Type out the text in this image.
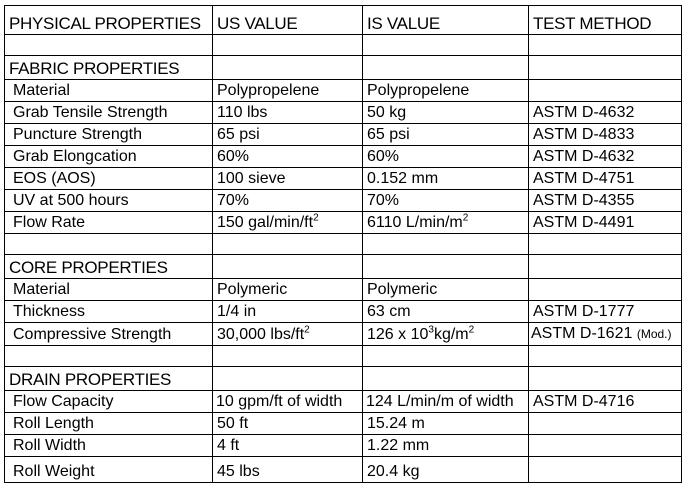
PHYSICAL PROPERTIES	US VALUE	IS VALUE	TEST METHOD

FABRIC PROPERTIES			
Material	Polypropelene	Polypropelene	
Grab Tensile Strength	110 lbs	50 kg	ASTM D-4632
Puncture Strength	65 psi	65 psi	ASTM D-4833
Grab Elongcation	60%	60%	ASTM D-4632
EOS (AOS)	100 sieve	0.152 mm	ASTM D-4751
UV at 500 hours	70%	70%	ASTM D-4355
Flow Rate	150 gal/$\min/ft^2$	6110 $L/\min/m^2$	ASTM D-4491

CORE PROPERTIES			
Material	Polymeric	Polymeric	
Thickness	1/4 in	63 cm	ASTM D-1777
Compressive Strength	30,000 lbs/$ft^2$	126 x $10^3kg/m^2$	ASTM D-1621 (Mod.)

DRAIN PROPERTIES			
Flow Capacity	10 gpm/ft of width	124 L/min/m of width	ASTM D-4716
Roll Length	50 ft	15.24 m	
Roll Width	4 ft	1.22 mm	
Roll Weight	45 lbs	20.4 kg	
